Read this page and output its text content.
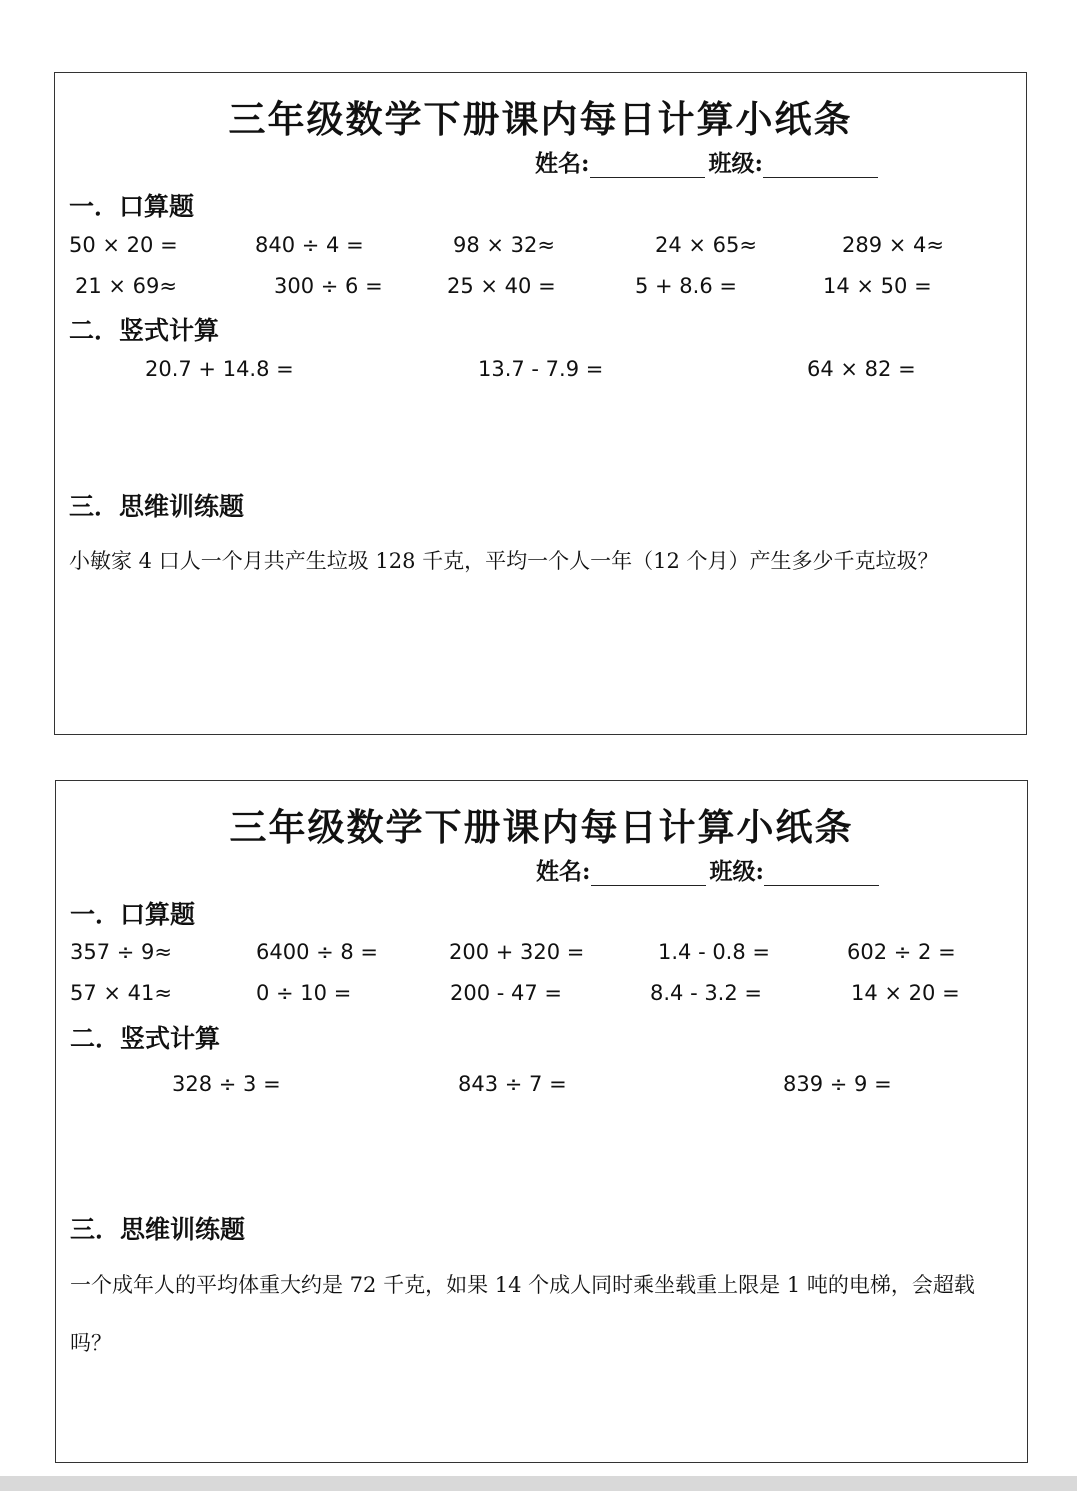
三年级数学下册课内每日计算小纸条
姓名:	班级:
一．口算题
50 × 20 =	840 ÷ 4 =	98 × 32≈	24 × 65≈	289 × 4≈
21 × 69≈	300 ÷ 6 =	25 × 40 =	5 + 8.6 =	14 × 50 =
二．竖式计算
20.7 + 14.8 =	13.7 - 7.9 =	64 × 82 =
三．思维训练题
小敏家 4 口人一个月共产生垃圾 128 千克，平均一个人一年（12 个月）产生多少千克垃圾？
三年级数学下册课内每日计算小纸条
姓名:	班级:
一．口算题
357 ÷ 9≈	6400 ÷ 8 =	200 + 320 =	1.4 - 0.8 =	602 ÷ 2 =
57 × 41≈	0 ÷ 10 =	200 - 47 =	8.4 - 3.2 =	14 × 20 =
二．竖式计算
328 ÷ 3 =	843 ÷ 7 =	839 ÷ 9 =
三．思维训练题
一个成年人的平均体重大约是 72 千克，如果 14 个成人同时乘坐载重上限是 1 吨的电梯，会超载吗？
